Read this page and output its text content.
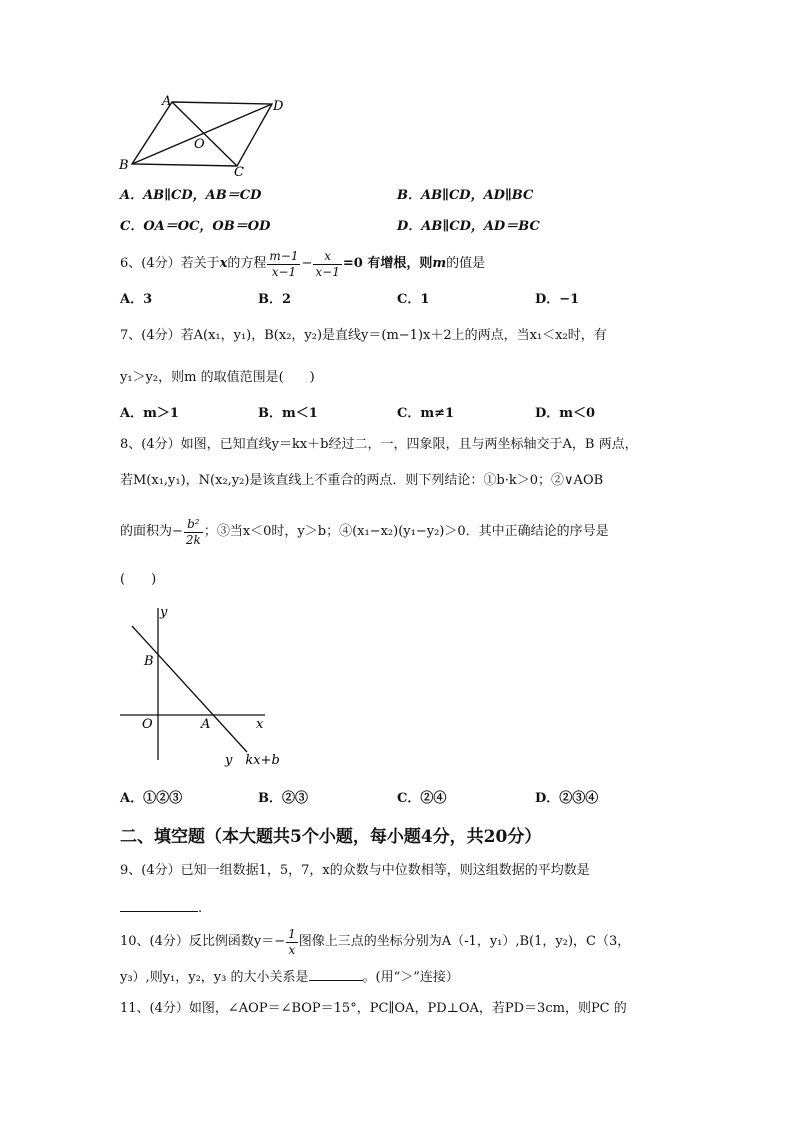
A	D
B	C
O
A．AB∥CD，AB＝CD	B．AB∥CD，AD∥BC
C．OA＝OC，OB＝OD	D．AB∥CD，AD＝BC
6、(4分）若关于 x 的方程 $\frac{m-1}{x-1} - \frac{x}{x-1} =0$ 有增根，则 m 的值是
A．3	B．2	C．1	D．−1
7、(4分）若A(x₁，y₁)，B(x₂，y₂)是直线y＝(m−1)x＋2上的两点，当x₁＜x₂时，有
y₁＞y₂，则m 的取值范围是(　　)
A．m＞1	B．m＜1	C．m≠1	D．m＜0
8、(4分）如图，已知直线y＝kx＋b经过二，一，四象限，且与两坐标轴交于A，B 两点，
若M(x₁,y₁)，N(x₂,y₂)是该直线上不重合的两点．则下列结论：①b·k＞0；②∨AOB
的面积为− $\frac{\text{b²}}{2k}$ ；③当x＜0时，y＞b；④(x₁−x₂)(y₁−y₂)＞0．其中正确结论的序号是
(　　)
y
B
O	A	x
y　kx+b
A．①②③	B．②③	C．②④	D．②③④
二、填空题（本大题共5个小题，每小题4分，共20分）
9、(4分）已知一组数据1，5，7，x的众数与中位数相等，则这组数据的平均数是
.
10、(4分）反比例函数$y=- \frac{1}{x}$ 图像上三点的坐标分别为A（-1，y₁）,B(1，y₂)，C（3，
y₃）,则y₁，y₂，y₃ 的大小关系是	。(用“＞”连接）
11、(4分）如图，∠AOP＝∠BOP＝15°，PC∥OA，PD⊥OA，若PD＝3cm，则PC 的
